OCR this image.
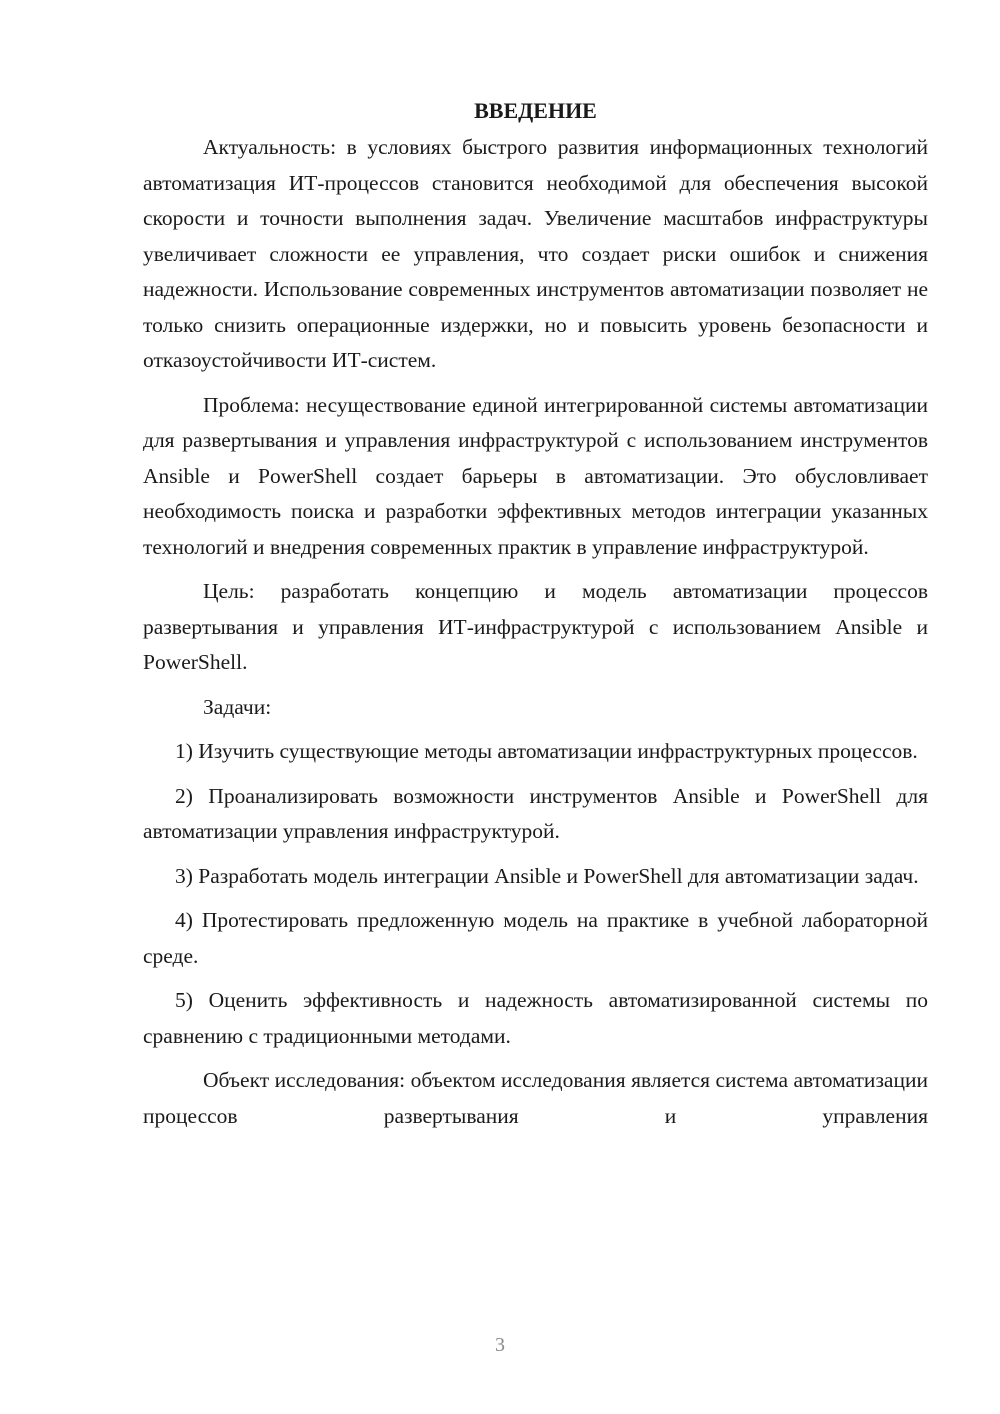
ВВЕДЕНИЕ

Актуальность: в условиях быстрого развития информационных технологий автоматизация ИТ-процессов становится необходимой для обеспечения высокой скорости и точности выполнения задач. Увеличение масштабов инфраструктуры увеличивает сложности ее управления, что создает риски ошибок и снижения надежности. Использование современных инструментов автоматизации позволяет не только снизить операционные издержки, но и повысить уровень безопасности и отказоустойчивости ИТ-систем.

Проблема: несуществование единой интегрированной системы автоматизации для развертывания и управления инфраструктурой с использованием инструментов Ansible и PowerShell создает барьеры в автоматизации. Это обусловливает необходимость поиска и разработки эффективных методов интеграции указанных технологий и внедрения современных практик в управление инфраструктурой.

Цель: разработать концепцию и модель автоматизации процессов развертывания и управления ИТ-инфраструктурой с использованием Ansible и PowerShell.

Задачи:

1) Изучить существующие методы автоматизации инфраструктурных процессов.

2) Проанализировать возможности инструментов Ansible и PowerShell для автоматизации управления инфраструктурой.

3) Разработать модель интеграции Ansible и PowerShell для автоматизации задач.

4) Протестировать предложенную модель на практике в учебной лабораторной среде.

5) Оценить эффективность и надежность автоматизированной системы по сравнению с традиционными методами.

Объект исследования: объектом исследования является система автоматизации процессов развертывания и управления

3
